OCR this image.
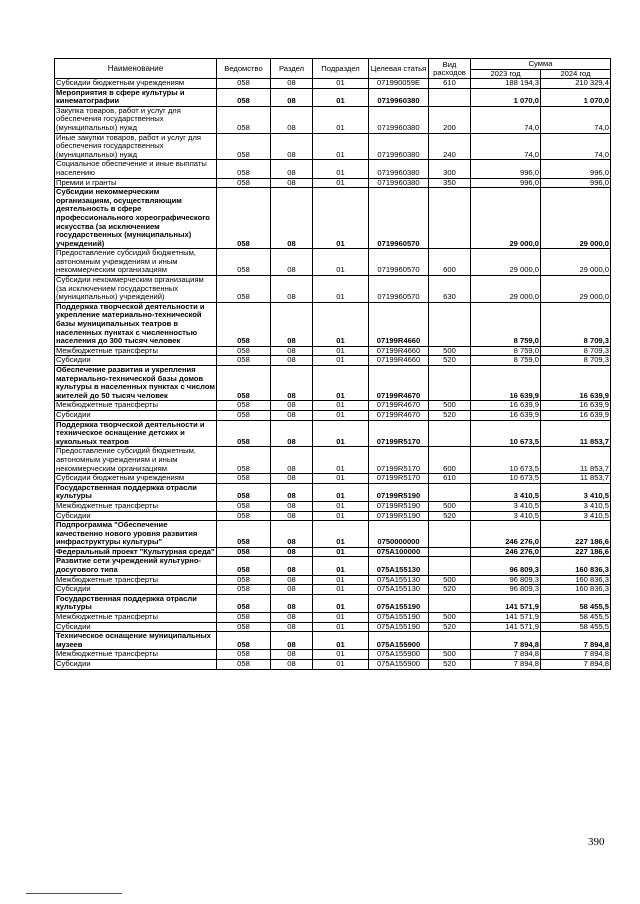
Наименование	Ведомство	Раздел	Подраздел	Целевая статья	Вид расходов	Сумма	
						2023 год	2024 год
Субсидии бюджетным учреждениям	058	08	01	071990059Е	610	188 194,3	210 329,4
Мероприятия в сфере культуры и кинематографии	058	08	01	0719960380		1 070,0	1 070,0
Закупка товаров, работ и услуг для обеспечения государственных (муниципальных) нужд	058	08	01	0719960380	200	74,0	74,0
Иные закупки товаров, работ и услуг для обеспечения государственных (муниципальных) нужд	058	08	01	0719960380	240	74,0	74,0
Социальное обеспечение и иные выплаты населению	058	08	01	0719960380	300	996,0	996,0
Премии и гранты	058	08	01	0719960380	350	996,0	996,0
Субсидии некоммерческим организациям, осуществляющим деятельность в сфере профессионального хореографического искусства (за исключением государственных (муниципальных) учреждений)	058	08	01	0719960570		29 000,0	29 000,0
Предоставление субсидий бюджетным, автономным учреждениям и иным некоммерческим организациям	058	08	01	0719960570	600	29 000,0	29 000,0
Субсидии некоммерческим организациям (за исключением государственных (муниципальных) учреждений)	058	08	01	0719960570	630	29 000,0	29 000,0
Поддержка творческой деятельности и укрепление материально-технической базы муниципальных театров в населенных пунктах с численностью населения до 300 тысяч человек	058	08	01	07199R4660		8 759,0	8 709,3
Межбюджетные трансферты	058	08	01	07199R4660	500	8 759,0	8 709,3
Субсидии	058	08	01	07199R4660	520	8 759,0	8 709,3
Обеспечение развития и укрепления материально-технической базы домов культуры в населенных пунктах с числом жителей до 50 тысяч человек	058	08	01	07199R4670		16 639,9	16 639,9
Межбюджетные трансферты	058	08	01	07199R4670	500	16 639,9	16 639,9
Субсидии	058	08	01	07199R4670	520	16 639,9	16 639,9
Поддержка творческой деятельности и техническое оснащение детских и кукольных театров	058	08	01	07199R5170		10 673,5	11 853,7
Предоставление субсидий бюджетным, автономным учреждениям и иным некоммерческим организациям	058	08	01	07199R5170	600	10 673,5	11 853,7
Субсидии бюджетным учреждениям	058	08	01	07199R5170	610	10 673,5	11 853,7
Государственная поддержка отрасли культуры	058	08	01	07199R5190		3 410,5	3 410,5
Межбюджетные трансферты	058	08	01	07199R5190	500	3 410,5	3 410,5
Субсидии	058	08	01	07199R5190	520	3 410,5	3 410,5
Подпрограмма "Обеспечение качественно нового уровня развития инфраструктуры культуры"	058	08	01	0750000000		246 276,0	227 186,6
Федеральный проект "Культурная среда"	058	08	01	075A100000		246 276,0	227 186,6
Развитие сети учреждений культурно-досугового типа	058	08	01	075A155130		96 809,3	160 836,3
Межбюджетные трансферты	058	08	01	075A155130	500	96 809,3	160 836,3
Субсидии	058	08	01	075A155130	520	96 809,3	160 836,3
Государственная поддержка отрасли культуры	058	08	01	075A155190		141 571,9	58 455,5
Межбюджетные трансферты	058	08	01	075A155190	500	141 571,9	58 455,5
Субсидии	058	08	01	075A155190	520	141 571,9	58 455,5
Техническое оснащение муниципальных музеев	058	08	01	075A155900		7 894,8	7 894,8
Межбюджетные трансферты	058	08	01	075A155900	500	7 894,8	7 894,8
Субсидии	058	08	01	075A155900	520	7 894,8	7 894,8
390
